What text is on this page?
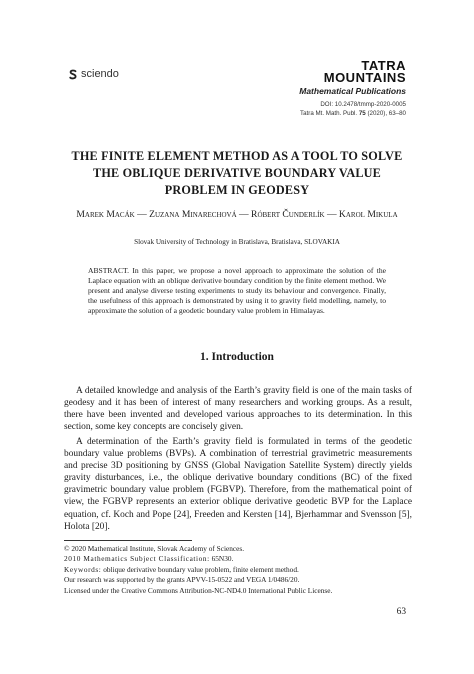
sciendo
TATRA
MOUNTAINS
Mathematical Publications
DOI: 10.2478/tmmp-2020-0005
Tatra Mt. Math. Publ. 75 (2020), 63–80
THE FINITE ELEMENT METHOD AS A TOOL TO SOLVE THE OBLIQUE DERIVATIVE BOUNDARY VALUE PROBLEM IN GEODESY
Marek Macák — Zuzana Minarechová — Róbert Čunderlík — Karol Mikula
Slovak University of Technology in Bratislava, Bratislava, SLOVAKIA
ABSTRACT. In this paper, we propose a novel approach to approximate the solution of the Laplace equation with an oblique derivative boundary condition by the finite element method. We present and analyse diverse testing experiments to study its behaviour and convergence. Finally, the usefulness of this approach is demonstrated by using it to gravity field modelling, namely, to approximate the solution of a geodetic boundary value problem in Himalayas.
1. Introduction
A detailed knowledge and analysis of the Earth’s gravity field is one of the main tasks of geodesy and it has been of interest of many researchers and working groups. As a result, there have been invented and developed various approaches to its determination. In this section, some key concepts are concisely given.
A determination of the Earth’s gravity field is formulated in terms of the geodetic boundary value problems (BVPs). A combination of terrestrial gravimetric measurements and precise 3D positioning by GNSS (Global Navigation Satellite System) directly yields gravity disturbances, i.e., the oblique derivative boundary conditions (BC) of the fixed gravimetric boundary value problem (FGBVP). Therefore, from the mathematical point of view, the FGBVP represents an exterior oblique derivative geodetic BVP for the Laplace equation, cf. Koch and Pope [24], Freeden and Kersten [14], Bjerhammar and Svensson [5], Holota [20].
© 2020 Mathematical Institute, Slovak Academy of Sciences.
2010 Mathematics Subject Classification: 65N30.
Keywords: oblique derivative boundary value problem, finite element method.
Our research was supported by the grants APVV-15-0522 and VEGA 1/0486/20.
Licensed under the Creative Commons Attribution-NC-ND4.0 International Public License.
63
